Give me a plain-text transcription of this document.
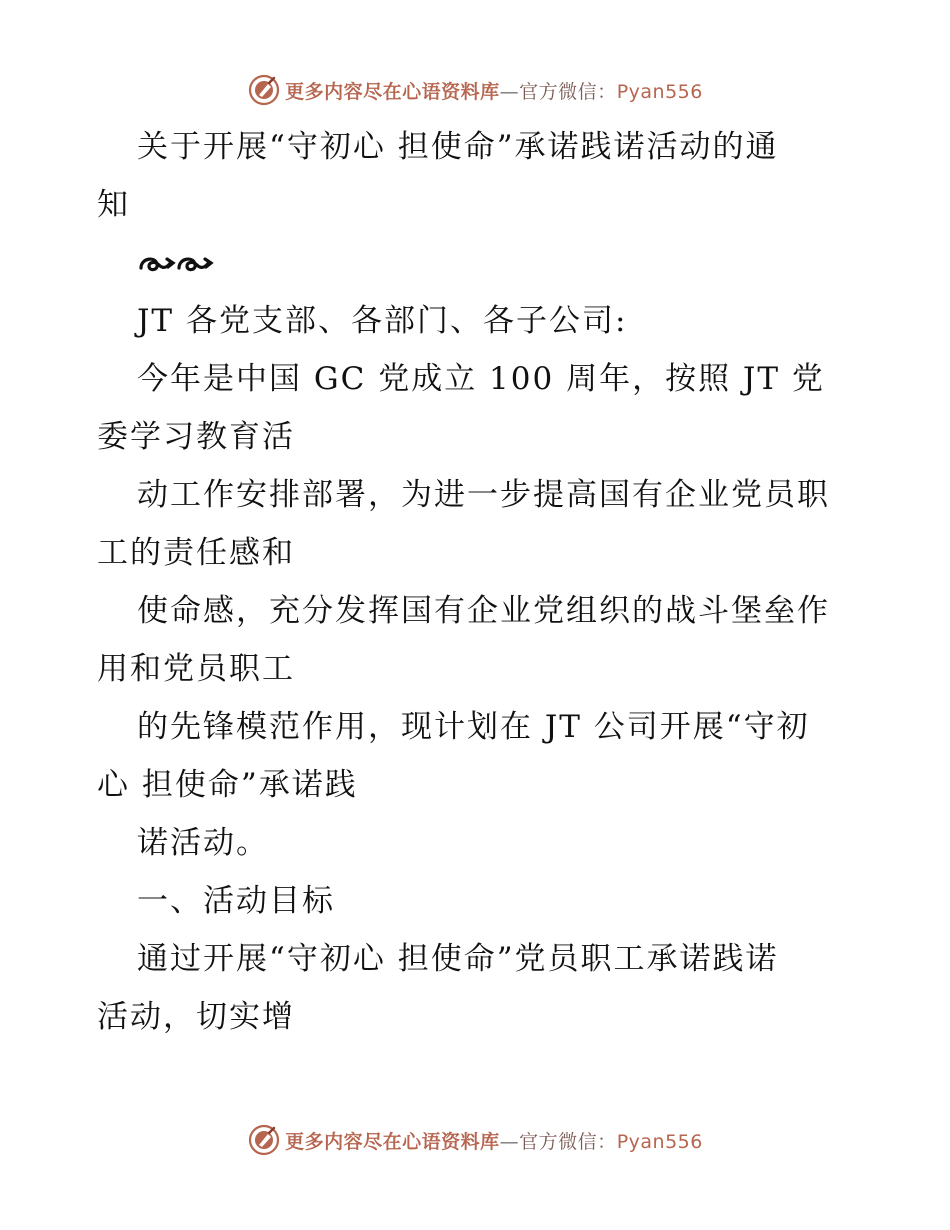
更多内容尽在心语资料库 — 官方微信： Pyan556
关于开展“守初心 担使命”承诺践诺活动的通
知
JT 各党支部、各部门、各子公司:
今年是中国 GC 党成立 100 周年，按照 JT 党
委学习教育活
动工作安排部署，为进一步提高国有企业党员职
工的责任感和
使命感，充分发挥国有企业党组织的战斗堡垒作
用和党员职工
的先锋模范作用，现计划在 JT 公司开展“守初
心 担使命”承诺践
诺活动。
一、活动目标
通过开展“守初心 担使命”党员职工承诺践诺
活动，切实增
更多内容尽在心语资料库 — 官方微信： Pyan556
